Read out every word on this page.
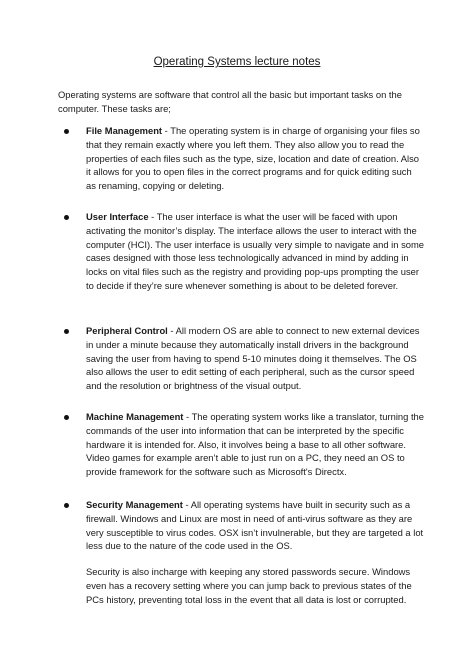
Operating Systems lecture notes
Operating systems are software that control all the basic but important tasks on the computer. These tasks are;
File Management - The operating system is in charge of organising your files so that they remain exactly where you left them. They also allow you to read the properties of each files such as the type, size, location and date of creation. Also it allows for you to open files in the correct programs and for quick editing such as renaming, copying or deleting.
User Interface - The user interface is what the user will be faced with upon activating the monitor’s display. The interface allows the user to interact with the computer (HCI). The user interface is usually very simple to navigate and in some cases designed with those less technologically advanced in mind by adding in locks on vital files such as the registry and providing pop-ups prompting the user to decide if they’re sure whenever something is about to be deleted forever.
Peripheral Control - All modern OS are able to connect to new external devices in under a minute because they automatically install drivers in the background saving the user from having to spend 5-10 minutes doing it themselves. The OS also allows the user to edit setting of each peripheral, such as the cursor speed and the resolution or brightness of the visual output.
Machine Management - The operating system works like a translator, turning the commands of the user into information that can be interpreted by the specific hardware it is intended for. Also, it involves being a base to all other software. Video games for example aren’t able to just run on a PC, they need an OS to provide framework for the software such as Microsoft's Directx.
Security Management - All operating systems have built in security such as a firewall. Windows and Linux are most in need of anti-virus software as they are very susceptible to virus codes. OSX isn’t invulnerable, but they are targeted a lot less due to the nature of the code used in the OS.
Security is also incharge with keeping any stored passwords secure. Windows even has a recovery setting where you can jump back to previous states of the PCs history, preventing total loss in the event that all data is lost or corrupted.
